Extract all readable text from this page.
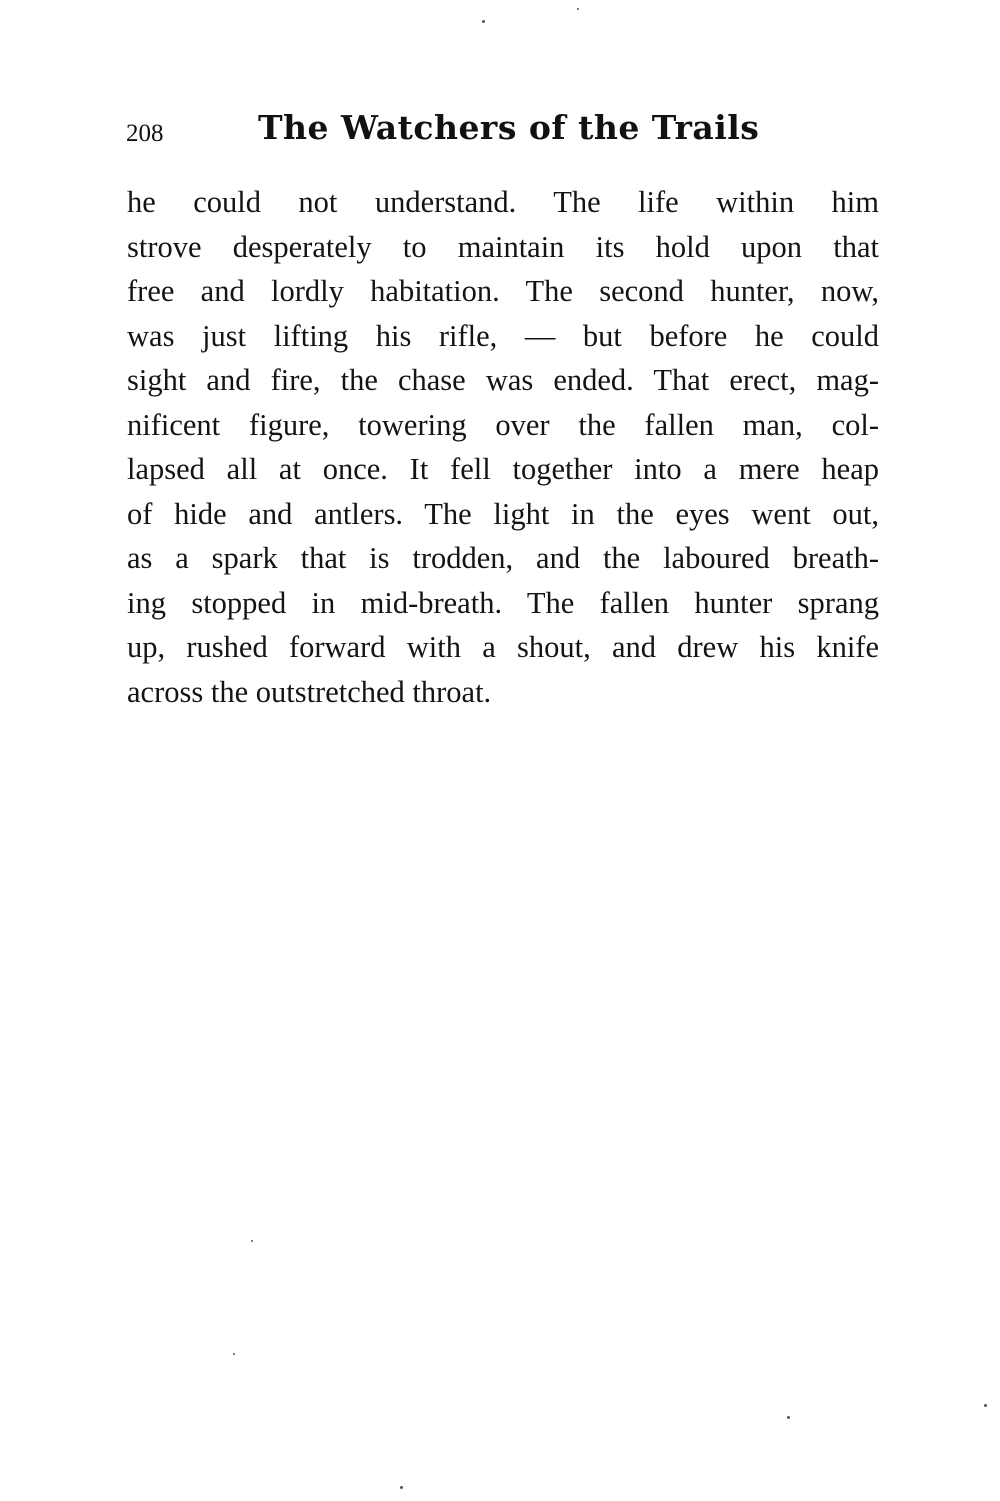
208	The Watchers of the Trails
he could not understand. The life within him
strove desperately to maintain its hold upon that
free and lordly habitation. The second hunter, now,
was just lifting his rifle, — but before he could
sight and fire, the chase was ended. That erect, mag-
nificent figure, towering over the fallen man, col-
lapsed all at once. It fell together into a mere heap
of hide and antlers. The light in the eyes went out,
as a spark that is trodden, and the laboured breath-
ing stopped in mid-breath. The fallen hunter sprang
up, rushed forward with a shout, and drew his knife
across the outstretched throat.
